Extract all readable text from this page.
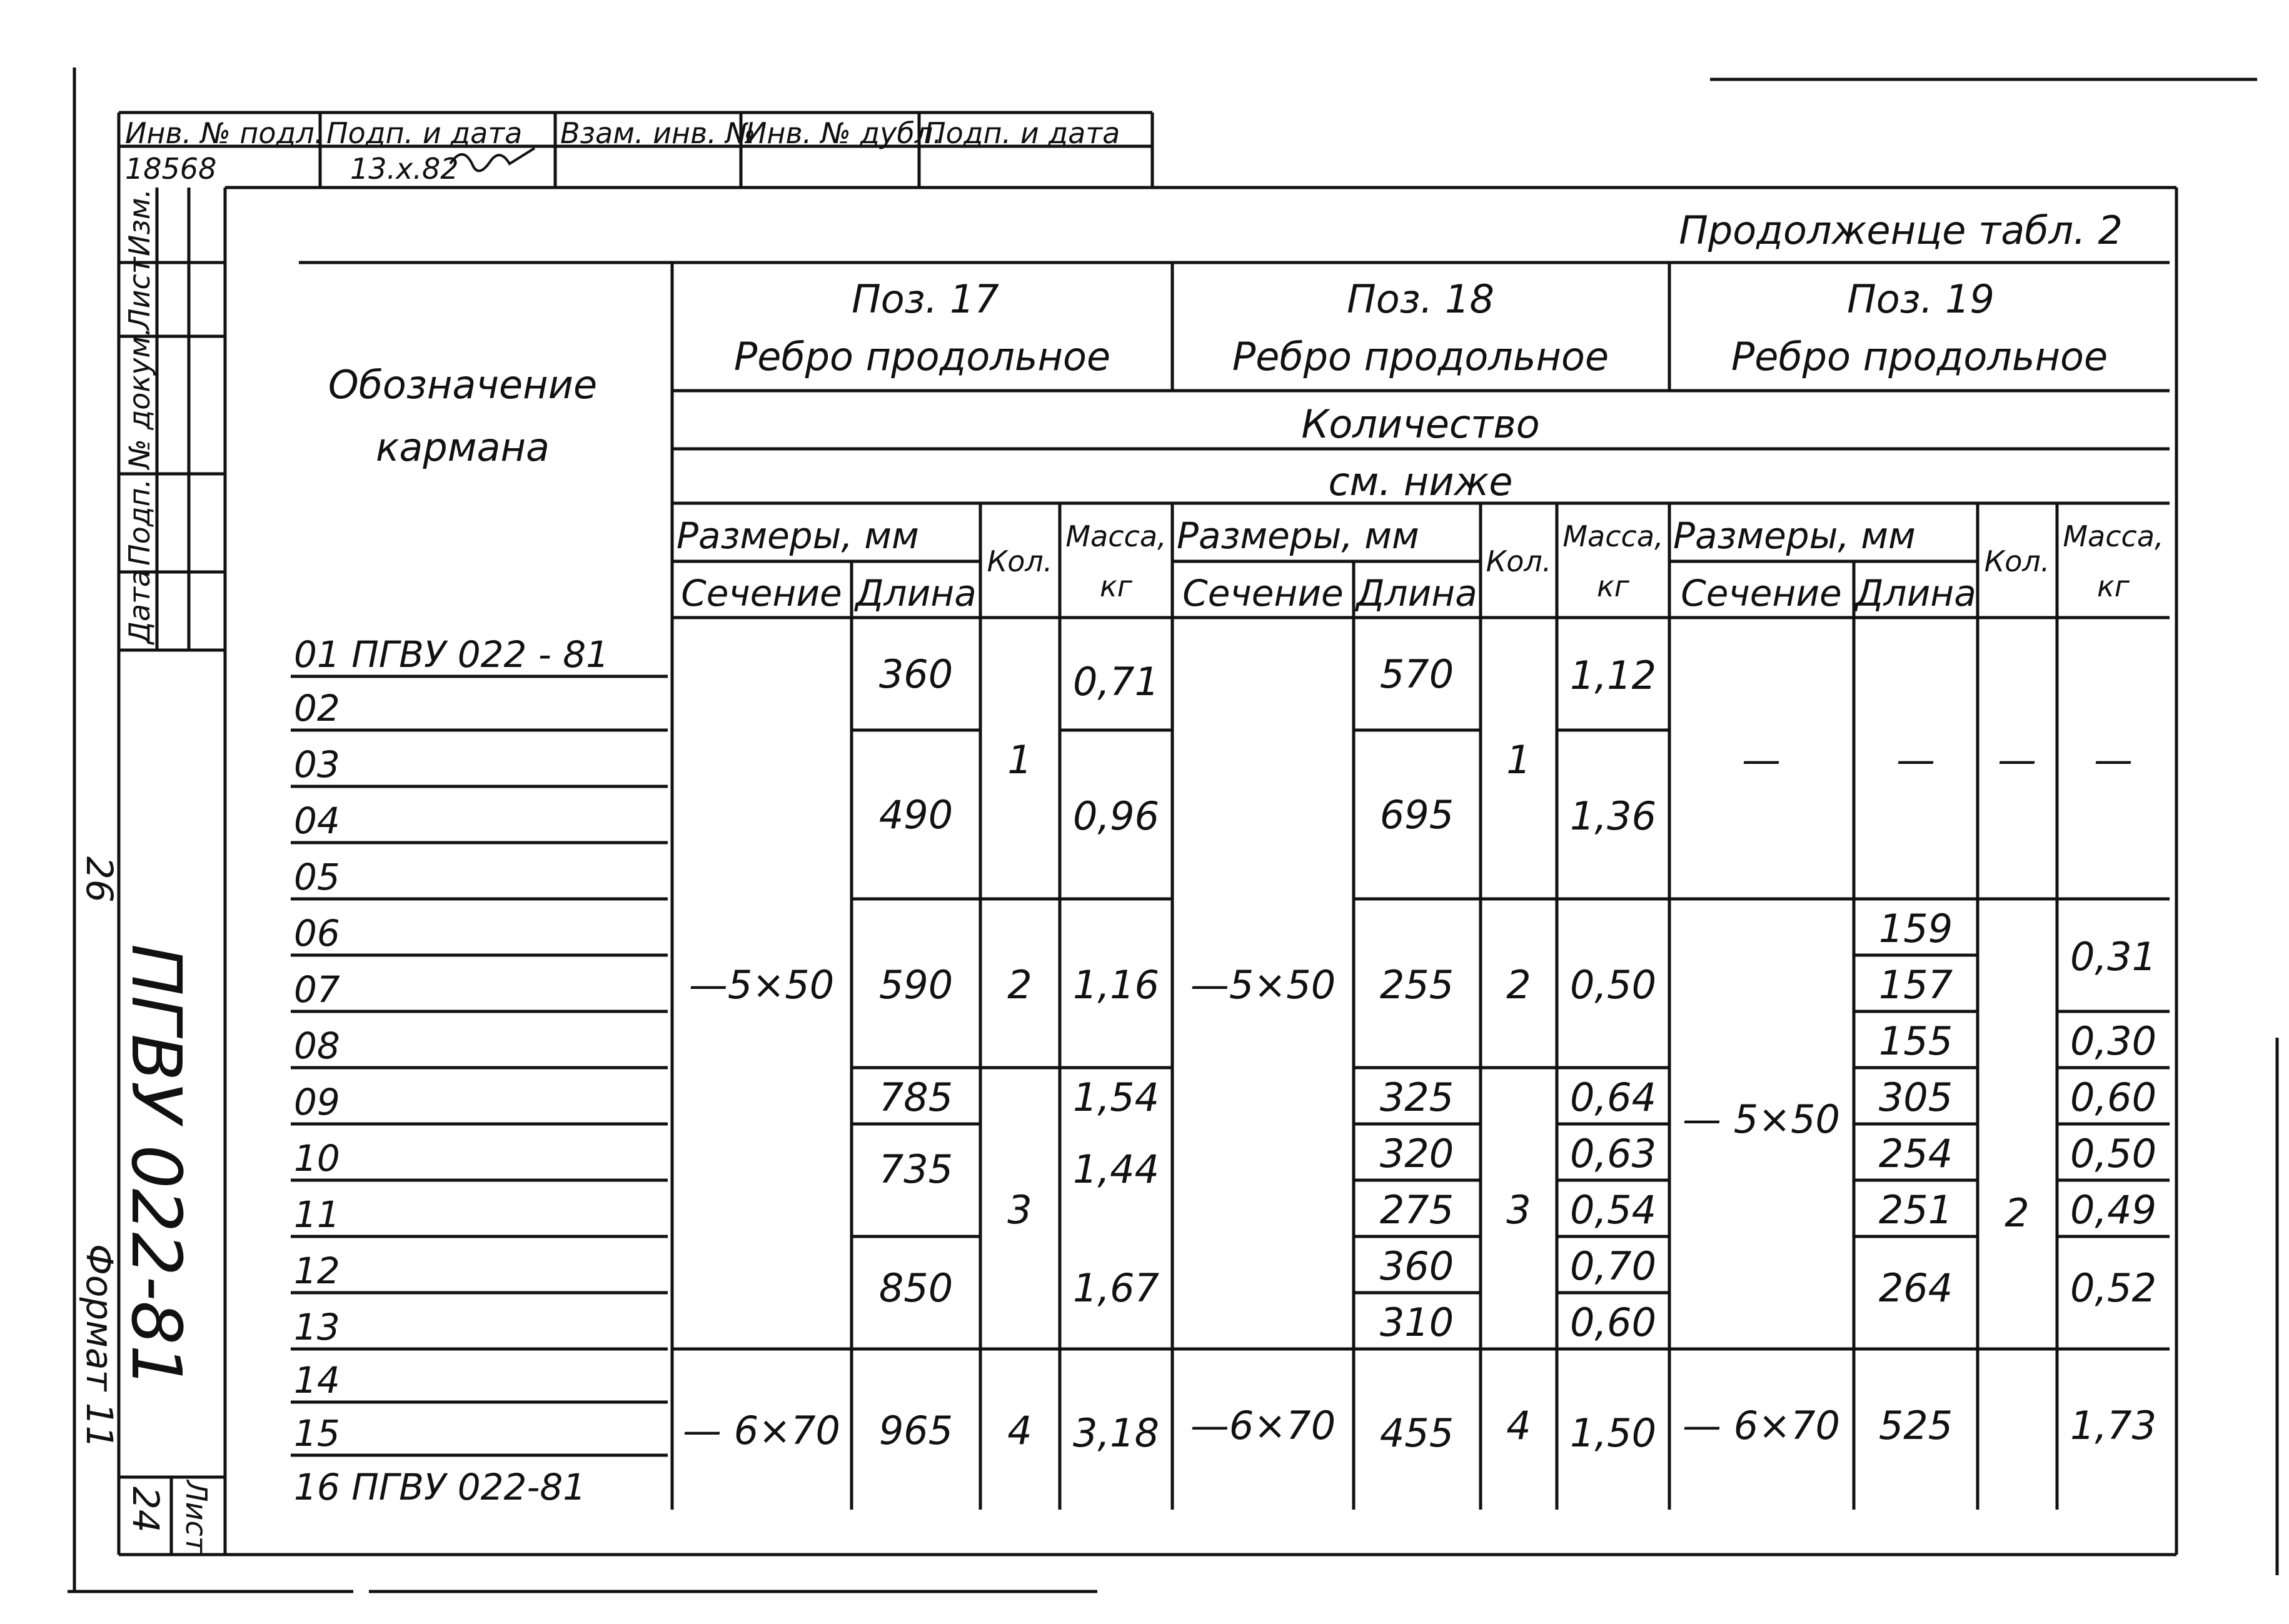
Инв. № подл. Подп. и дата Взам. инв. №
Инв. № дубл.
Подп. и дата
18568	13.x.82
Изм.
Лист
№ докум.
Подп.
Дата
ПГВУ 022-81
26
Формат 11
Лист
24
Продолженце табл. 2
Обозначение
кармана
Поз. 17
Ребро продольное
Поз. 18
Ребро продольное
Поз. 19
Ребро продольное
Количество
см. ниже
Размеры, мм
Сечение Длина
Кол.
Масса,
кг
Размеры, мм
Сечение Длина
Кол.
Масса,
кг
Размеры, мм
Сечение Длина
Кол.
Масса,
кг
01 ПГВУ 022 - 81
02
03
04
05
06
07
08
09
10
11
12
13
14
15
16 ПГВУ 022-81
—5×50
— 6×70
360
490
590
785
735
850
965
1
2
3
4
0,71
0,96
1,16
1,54
1,44
1,67
3,18
—5×50
—6×70
570
695
255
325
320
275
360
310
455
1
2
3
4
1,12
1,36
0,50
0,64
0,63
0,54
0,70
0,60
1,50
—	— — —
— 5×50
— 6×70
159
157
155
305
254
251
264
525
2
0,31
0,30
0,60
0,50
0,49
0,52
1,73
